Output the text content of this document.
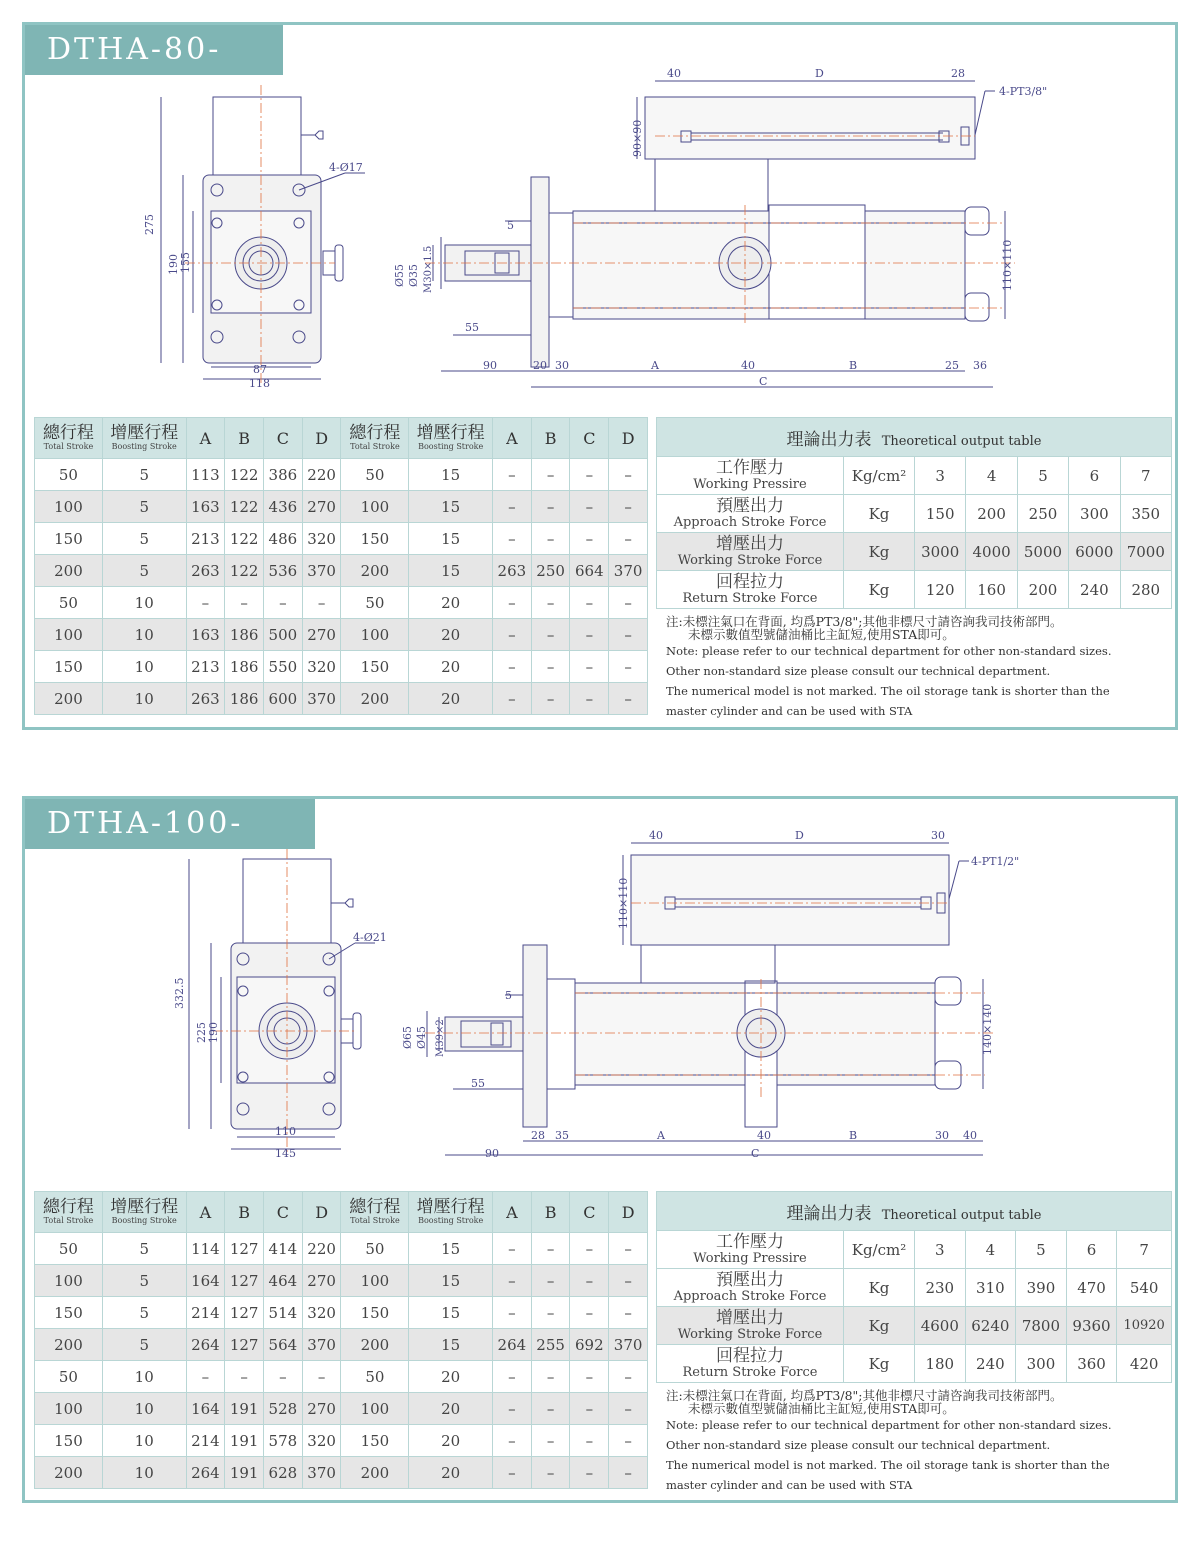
DTHA-80-5T
275
190 155
87
118
4-Ø17
40	D	28
4-PT3/8"
90×90
5
Ø55 Ø35 M30×1.5
55
90	20 30	A	40	B	25 36
C
110×110
總行程
Total Stroke	增壓行程
Boosting Stroke	A	B	C	D	總行程
Total Stroke	增壓行程
Boosting Stroke	A	B	C	D
50	5	113	122	386	220	50	15	–	–	–	–
100	5	163	122	436	270	100	15	–	–	–	–
150	5	213	122	486	320	150	15	–	–	–	–
200	5	263	122	536	370	200	15	263	250	664	370
50	10	–	–	–	–	50	20	–	–	–	–
100	10	163	186	500	270	100	20	–	–	–	–
150	10	213	186	550	320	150	20	–	–	–	–
200	10	263	186	600	370	200	20	–	–	–	–
理論出力表 Theoretical output table						

工作壓力
Working Pressire	Kg/cm²	3	4	5	6	7

預壓出力
Approach Stroke Force	Kg	150	200	250	300	350

增壓出力
Working Stroke Force	Kg	3000	4000	5000	6000	7000

回程拉力
Return Stroke Force	Kg	120	160	200	240	280
注:未標注氣口在背面, 均爲PT3/8";其他非標尺寸請咨詢我司技術部門。
未標示數值型號儲油桶比主缸短,使用STA即可。
Note: please refer to our technical department for other non-standard sizes.
Other non-standard size please consult our technical department.
The numerical model is not marked. The oil storage tank is shorter than the
master cylinder and can be used with STA
DTHA-100-10T
332.5
225 190
110
145
4-Ø21
40	D	30
4-PT1/2"
110×110
5
Ø65 Ø45 M39×2
55
90
28 35	A	40	B	30 40
C
140×140
總行程
Total Stroke	增壓行程
Boosting Stroke	A	B	C	D	總行程
Total Stroke	增壓行程
Boosting Stroke	A	B	C	D
50	5	114	127	414	220	50	15	–	–	–	–
100	5	164	127	464	270	100	15	–	–	–	–
150	5	214	127	514	320	150	15	–	–	–	–
200	5	264	127	564	370	200	15	264	255	692	370
50	10	–	–	–	–	50	20	–	–	–	–
100	10	164	191	528	270	100	20	–	–	–	–
150	10	214	191	578	320	150	20	–	–	–	–
200	10	264	191	628	370	200	20	–	–	–	–
理論出力表 Theoretical output table						

工作壓力
Working Pressire	Kg/cm²	3	4	5	6	7

預壓出力
Approach Stroke Force	Kg	230	310	390	470	540

增壓出力
Working Stroke Force	Kg	4600	6240	7800	9360	10920

回程拉力
Return Stroke Force	Kg	180	240	300	360	420
注:未標注氣口在背面, 均爲PT3/8";其他非標尺寸請咨詢我司技術部門。
未標示數值型號儲油桶比主缸短,使用STA即可。
Note: please refer to our technical department for other non-standard sizes.
Other non-standard size please consult our technical department.
The numerical model is not marked. The oil storage tank is shorter than the
master cylinder and can be used with STA
